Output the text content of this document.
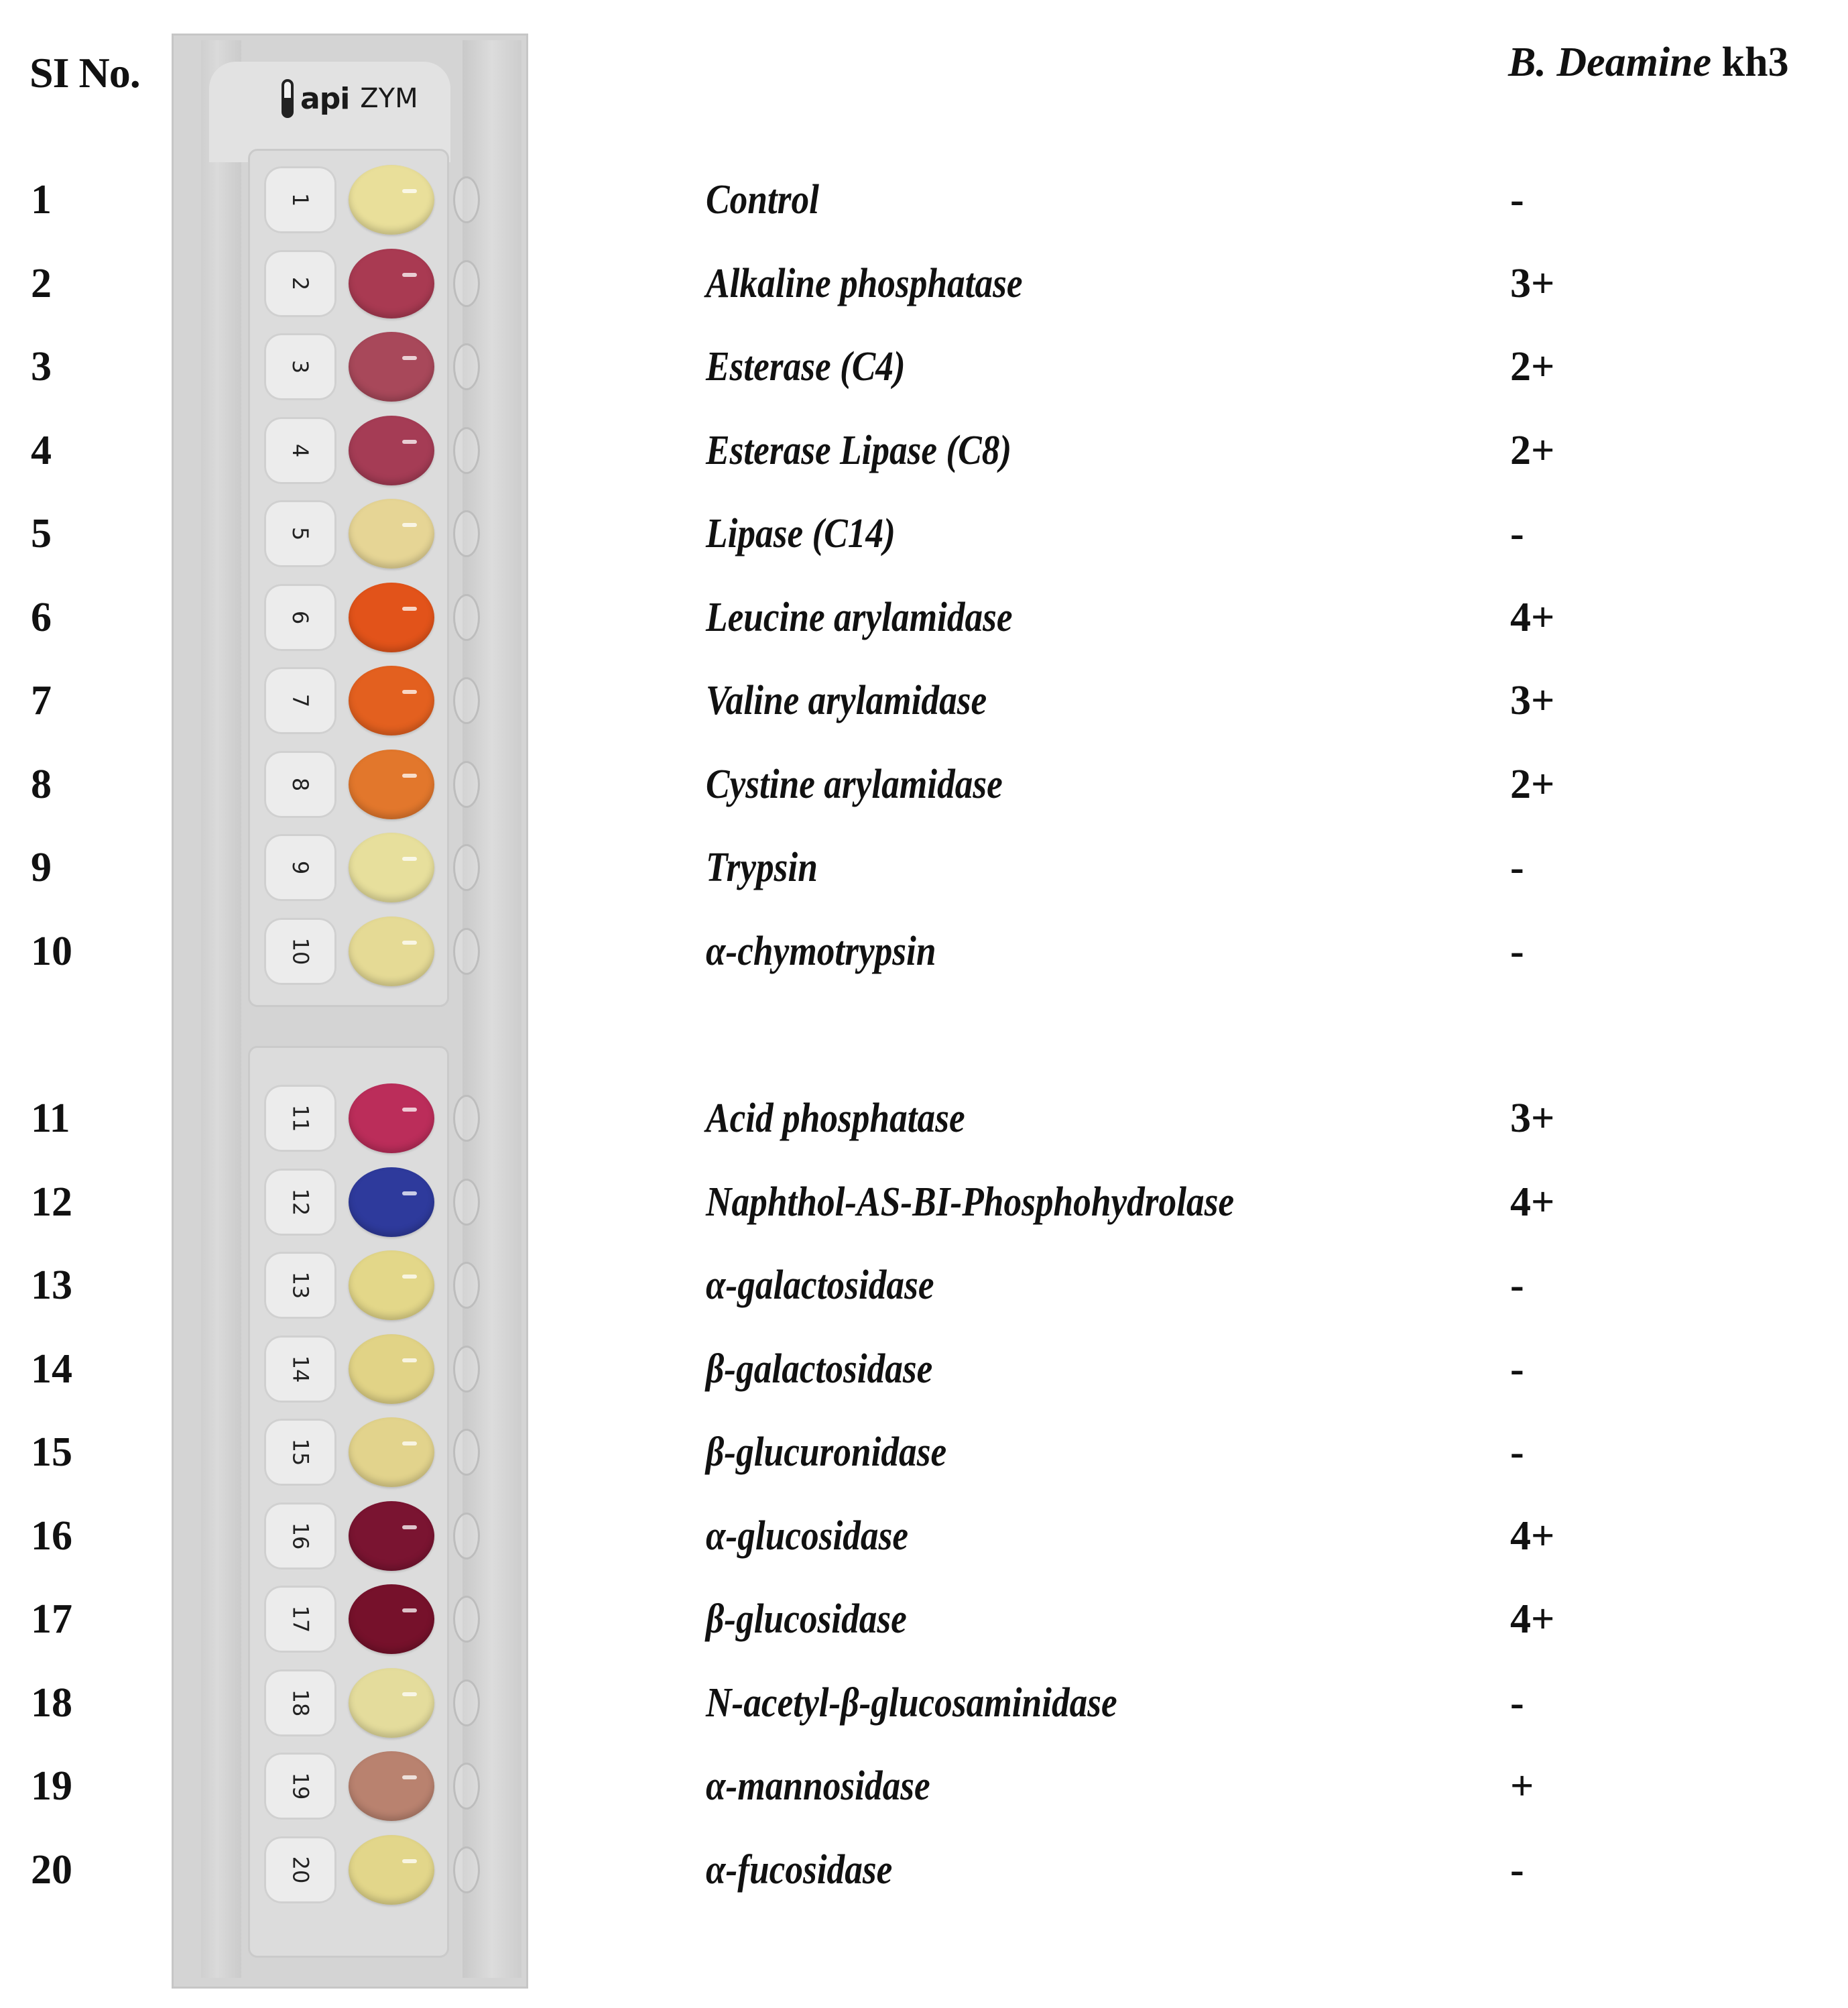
SI No.	B. Deamine kh3
api ZYM
1	Control	-
1
2	Alkaline phosphatase	3+
2
3	Esterase (C4)	2+
3
4	Esterase Lipase (C8)	2+
4
5	Lipase (C14)	-
5
6	Leucine arylamidase	4+
6
7	Valine arylamidase	3+
7
8	Cystine arylamidase	2+
8
9	Trypsin	-
9
10	α-chymotrypsin	-
10
11	Acid phosphatase	3+
11
12	Naphthol-AS-BI-Phosphohydrolase	4+
12
13	α-galactosidase	-
13
14	β-galactosidase	-
14
15	β-glucuronidase	-
15
16	α-glucosidase	4+
16
17	β-glucosidase	4+
17
18	N-acetyl-β-glucosaminidase	-
18
19	α-mannosidase	+
19
20	α-fucosidase	-
20
